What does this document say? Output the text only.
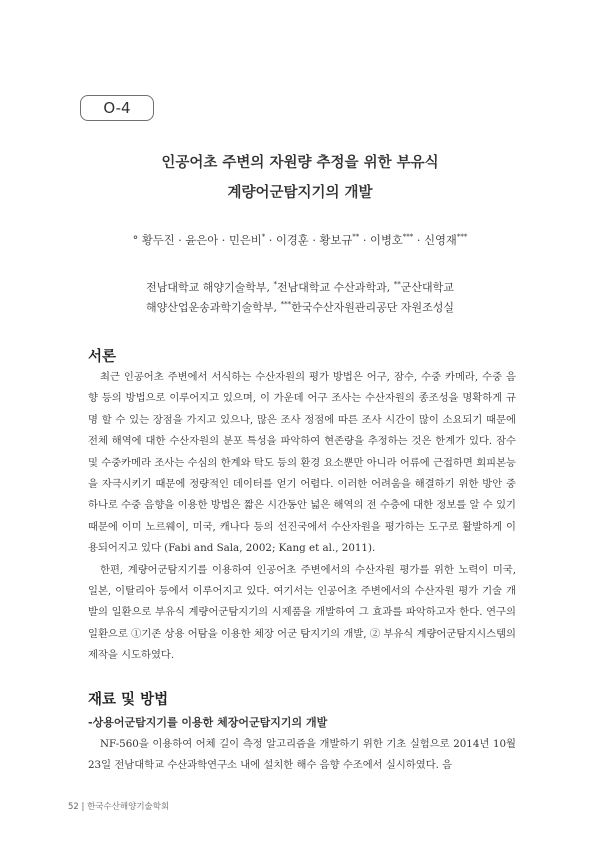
O-4
인공어초 주변의 자원량 추정을 위한 부유식
계량어군탐지기의 개발
° 황두진 · 윤은아 · 민은비* · 이경훈 · 황보규** · 이병호*** · 신영재***
전남대학교 해양기술학부, *전남대학교 수산과학과, **군산대학교
해양산업운송과학기술학부, ***한국수산자원관리공단 자원조성실
서론

최근 인공어초 주변에서 서식하는 수산자원의 평가 방법은 어구, 잠수, 수중 카메라, 수중 음향 등의 방법으로 이루어지고 있으며, 이 가운데 어구 조사는 수산자원의 종조성을 명확하게 규명 할 수 있는 장점을 가지고 있으나, 많은 조사 정점에 따른 조사 시간이 많이 소요되기 때문에 전체 해역에 대한 수산자원의 분포 특성을 파악하여 현존량을 추정하는 것은 한계가 있다. 잠수 및 수중카메라 조사는 수심의 한계와 탁도 등의 환경 요소뿐만 아니라 어류에 근접하면 회피본능을 자극시키기 때문에 정량적인 데이터를 얻기 어렵다. 이러한 어려움을 해결하기 위한 방안 중 하나로 수중 음향을 이용한 방법은 짧은 시간동안 넓은 해역의 전 수층에 대한 정보를 알 수 있기 때문에 이미 노르웨이, 미국, 캐나다 등의 선진국에서 수산자원을 평가하는 도구로 활발하게 이용되어지고 있다 (Fabi and Sala, 2002; Kang et al., 2011).

한편, 계량어군탐지기를 이용하여 인공어초 주변에서의 수산자원 평가를 위한 노력이 미국, 일본, 이탈리아 등에서 이루어지고 있다. 여기서는 인공어초 주변에서의 수산자원 평가 기술 개발의 일환으로 부유식 계량어군탐지기의 시제품을 개발하여 그 효과를 파악하고자 한다. 연구의 일환으로 ①기존 상용 어탐을 이용한 체장 어군 탐지기의 개발, ② 부유식 계량어군탐지시스템의 제작을 시도하였다.

재료 및 방법
-상용어군탐지기를 이용한 체장어군탐지기의 개발

NF-560을 이용하여 어체 길이 측정 알고리즘을 개발하기 위한 기초 실험으로 2014년 10월 23일 전남대학교 수산과학연구소 내에 설치한 해수 음향 수조에서 실시하였다. 음

52 | 한국수산해양기술학회
